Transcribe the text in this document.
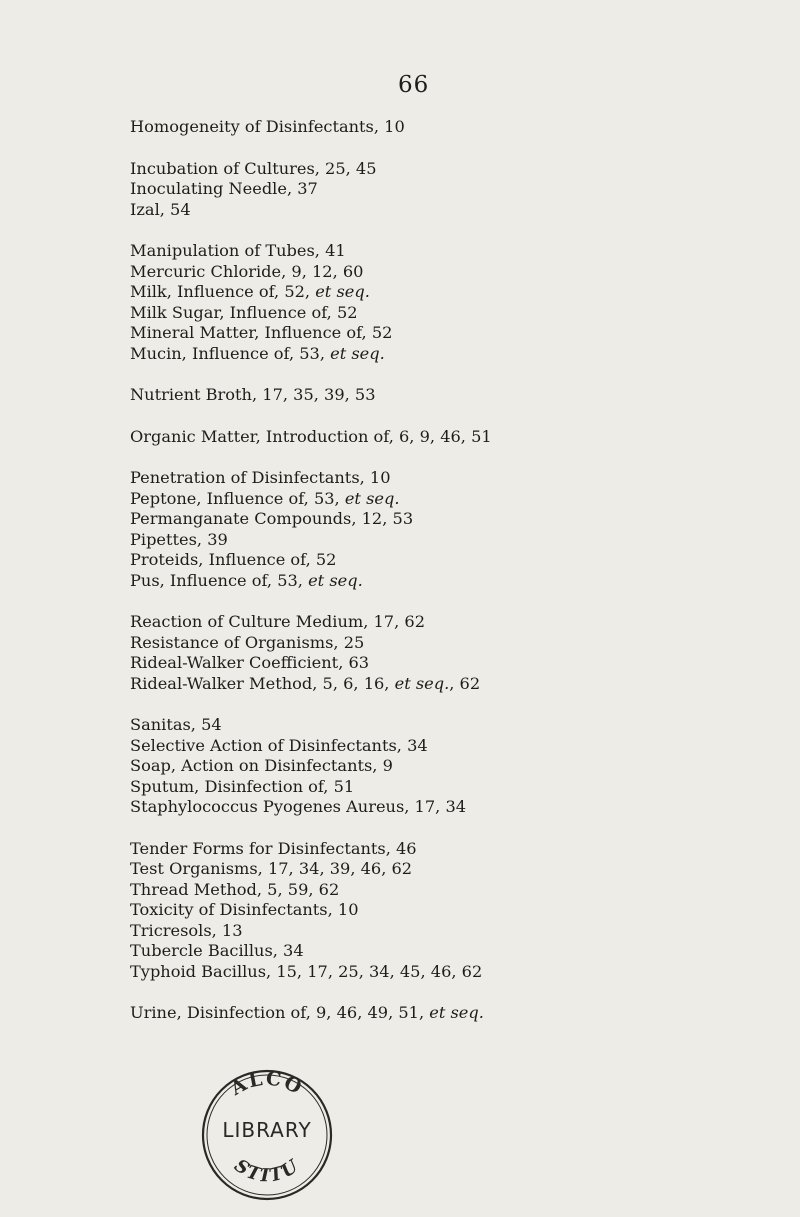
66
Homogeneity of Disinfectants, 10
Incubation of Cultures, 25, 45
Inoculating Needle, 37
Izal, 54
Manipulation of Tubes, 41
Mercuric Chloride, 9, 12, 60
Milk, Influence of, 52, et seq.
Milk Sugar, Influence of, 52
Mineral Matter, Influence of, 52
Mucin, Influence of, 53, et seq.
Nutrient Broth, 17, 35, 39, 53
Organic Matter, Introduction of, 6, 9, 46, 51
Penetration of Disinfectants, 10
Peptone, Influence of, 53, et seq.
Permanganate Compounds, 12, 53
Pipettes, 39
Proteids, Influence of, 52
Pus, Influence of, 53, et seq.
Reaction of Culture Medium, 17, 62
Resistance of Organisms, 25
Rideal-Walker Coefficient, 63
Rideal-Walker Method, 5, 6, 16, et seq., 62
Sanitas, 54
Selective Action of Disinfectants, 34
Soap, Action on Disinfectants, 9
Sputum, Disinfection of, 51
Staphylococcus Pyogenes Aureus, 17, 34
Tender Forms for Disinfectants, 46
Test Organisms, 17, 34, 39, 46, 62
Thread Method, 5, 59, 62
Toxicity of Disinfectants, 10
Tricresols, 13
Tubercle Bacillus, 34
Typhoid Bacillus, 15, 17, 25, 34, 45, 46, 62
Urine, Disinfection of, 9, 46, 49, 51, et seq.
ALCO
STITU
LIBRARY
